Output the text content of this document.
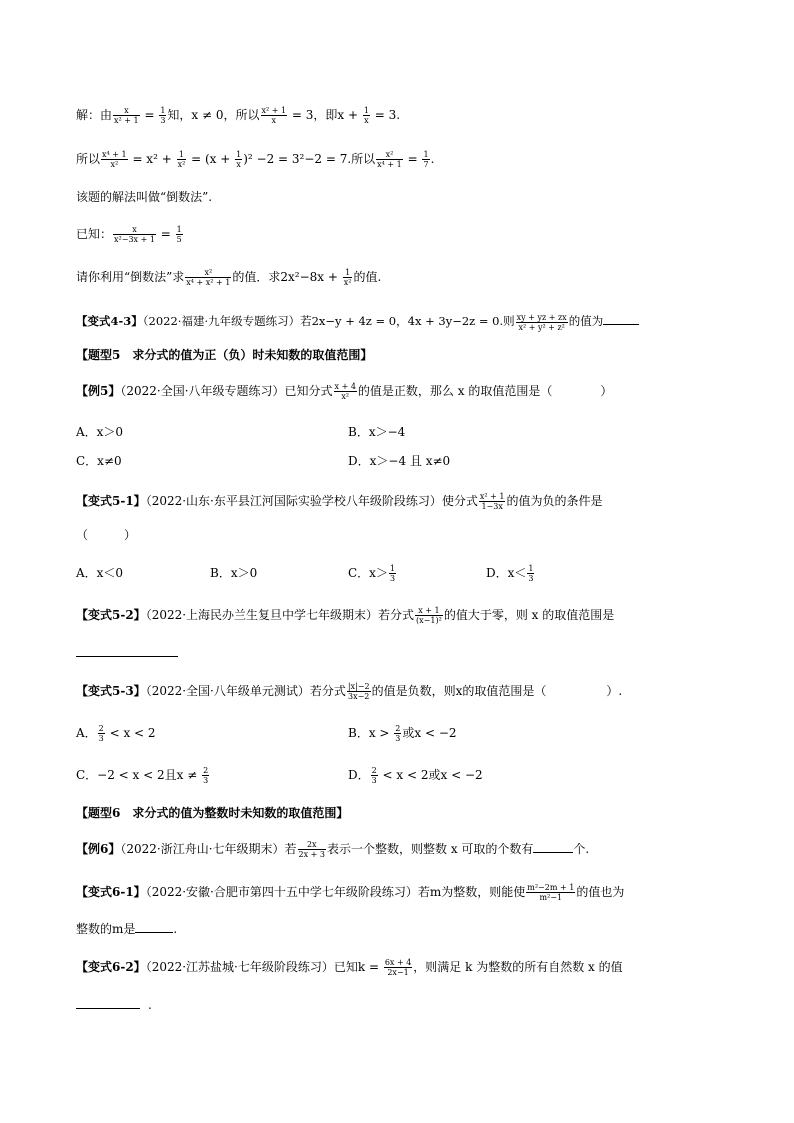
解：由 $\frac{x}{\text{x² + 1}} = \frac{1}{3}$ 知，x ≠ 0，所以 $\frac{\text{x² + 1}}{x} = 3$，即$x + \frac{1}{x} = 3$.
所以 $\frac{\text{x⁴ + 1}}{\text{x²}} = x^2 + \frac{1}{\text{x²}} = (x + \frac{1}{x} )^2 -2 = 3^2-2 = 7$.所以 $\frac{\text{x²}}{\text{x⁴ + 1}} = \frac{1}{7}$ .
该题的解法叫做“倒数法”.
已知： $\frac{x}{\text{x²−3x + 1}} = \frac{1}{5}$
请你利用“倒数法”求 $\frac{\text{x²}}{\text{x⁴ + x² + 1}}$ 的值．求$2x^2-8x + \frac{1}{\text{x²}}$ 的值.
【变式4-3】（2022·福建·九年级专题练习）若2x−y + 4z = 0，4x + 3y−2z = 0.则 $\frac{xy + yz + zx}{\text{x² + y² + z²}}$ 的值为
【题型5　求分式的值为正（负）时未知数的取值范围】
【例5】（2022·全国·八年级专题练习）已知分式 $\frac{x + 4}{\text{x²}}$ 的值是正数，那么 x 的取值范围是（　　　　）
A．x＞0	B．x＞−4
C．x≠0	D．x＞−4 且 x≠0
【变式5-1】（2022·山东·东平县江河国际实验学校八年级阶段练习）使分式 $\frac{\text{x² + 1}}{1-3x}$ 的值为负的条件是
（　　　）
A．x＜0	B．x＞0	C．$x> \frac{1}{3}$	D．$x< \frac{1}{3}$
【变式5-2】（2022·上海民办兰生复旦中学七年级期末）若分式 $\frac{x + 1}{\text{(x−1)²}}$ 的值大于零，则 x 的取值范围是
【变式5-3】（2022·全国·八年级单元测试）若分式 $\frac{|x|-2}{3x-2}$ 的值是负数，则x的取值范围是（　　　　　）.
A． $\frac{2}{3} < x < 2$	B．$x > \frac{2}{3}$ 或x < −2
C．−2 < x < 2且$x \ne \frac{2}{3}$	D． $\frac{2}{3} < x < 2$或x < −2
【题型6　求分式的值为整数时未知数的取值范围】
【例6】（2022·浙江舟山·七年级期末）若 $\frac{2x}{2x + 3}$ 表示一个整数，则整数 x 可取的个数有	个.
【变式6-1】（2022·安徽·合肥市第四十五中学七年级阶段练习）若m为整数，则能使 $\frac{\text{m²−2m + 1}}{\text{m²−1}}$ 的值也为
整数的m是	.
【变式6-2】（2022·江苏盐城·七年级阶段练习）已知$k = \frac{6x + 4}{2x-1}$ ，则满足 k 为整数的所有自然数 x 的值
.
